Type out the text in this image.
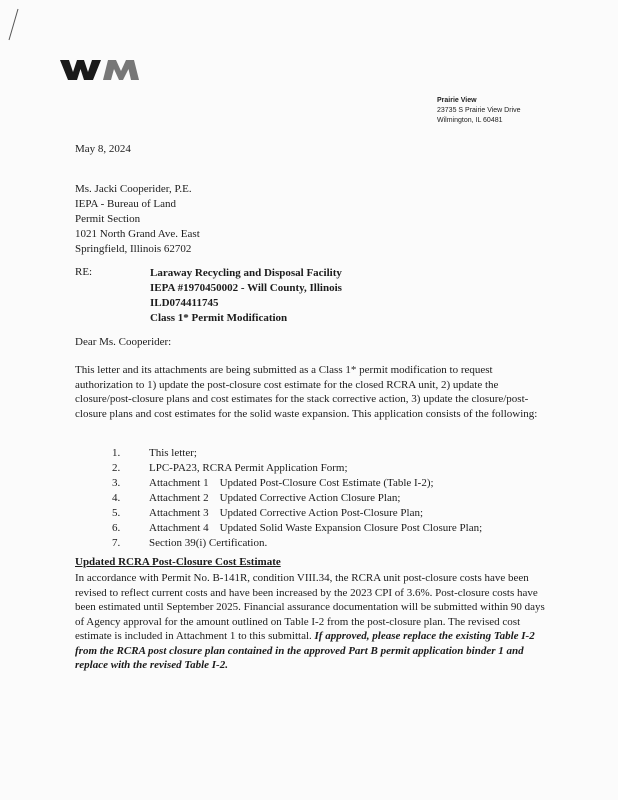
Prairie View
23735 S Prairie View Drive
Wilmington, IL 60481
May 8, 2024
Ms. Jacki Cooperider, P.E.
IEPA - Bureau of Land
Permit Section
1021 North Grand Ave. East
Springfield, Illinois 62702
RE:	Laraway Recycling and Disposal Facility
IEPA #1970450002 - Will County, Illinois
ILD074411745
Class 1* Permit Modification
Dear Ms. Cooperider:
This letter and its attachments are being submitted as a Class 1* permit modification to request authorization to 1) update the post-closure cost estimate for the closed RCRA unit, 2) update the closure/post-closure plans and cost estimates for the stack corrective action, 3) update the closure/post-closure plans and cost estimates for the solid waste expansion. This application consists of the following:
1.	This letter;
2.	LPC-PA23, RCRA Permit Application Form;
3.	Attachment 1    Updated Post-Closure Cost Estimate (Table I-2);
4.	Attachment 2    Updated Corrective Action Closure Plan;
5.	Attachment 3    Updated Corrective Action Post-Closure Plan;
6.	Attachment 4    Updated Solid Waste Expansion Closure Post Closure Plan;
7.	Section 39(i) Certification.
Updated RCRA Post-Closure Cost Estimate
In accordance with Permit No. B-141R, condition VIII.34, the RCRA unit post-closure costs have been revised to reflect current costs and have been increased by the 2023 CPI of 3.6%. Post-closure costs have been estimated until September 2025. Financial assurance documentation will be submitted within 90 days of Agency approval for the amount outlined on Table I-2 from the post-closure plan. The revised cost estimate is included in Attachment 1 to this submittal. If approved, please replace the existing Table I-2 from the RCRA post closure plan contained in the approved Part B permit application binder 1 and replace with the revised Table I-2.
